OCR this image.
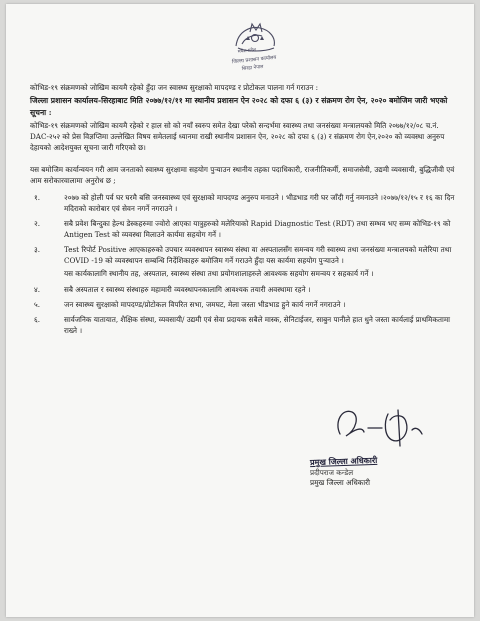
मधेश प्रदेश
जिल्ला प्रशासन कार्यालय
सिरहा नेपाल

कोभिड-१९ संक्रमणको जोखिम कायमै रहेको हुँदा जन स्वास्थ्य सुरक्षाको मापदण्ड र प्रोटोकल पालना गर्न गराउन :

जिल्ला प्रशासन कार्यालय-सिरहाबाट मिति २०७७/१२/११ मा स्थानीय प्रशासन ऐन २०२८ को दफा ६ (३) र संक्रमण रोग ऐन, २०२० बमोजिम जारी भएको सूचना :

कोभिड-१९ संक्रमणको जोखिम कायमै रहेको र हाल सो को नयाँ स्वरुप समेत देखा परेको सन्दर्भमा स्वास्थ्य तथा जनसंख्या मन्त्रालयको मिति २०७७/१२/०८ च.नं. DAC-२५२ को प्रेस विज्ञप्तिमा उल्लेखित विषय समेतलाई ध्यानमा राखी स्थानीय प्रशासन ऐन, २०२८ को दफा ६ (३) र संक्रमण रोग ऐन,२०२० को व्यवस्था अनुरुप देहायको आदेशयुक्त सूचना जारी गरिएको छ।

यस बमोजिम कार्यान्वयन गरी आम जनताको स्वास्थ्य सुरक्षामा सहयोग पुऱ्याउन स्थानीय तहका पदाधिकारी, राजनीतिकर्मी, समाजसेवी, उद्यमी व्यवसायी, बुद्धिजीवी एवं आम सरोकारवालामा अनुरोध छ ;

१.	२०७७ को होली पर्व घर घरमै बसि जनस्वास्थ्य एवं सुरक्षाको मापदण्ड अनुरुप मनाउने । भीडभाड गरी घर जाँदी गर्नु नमनाउने ।२०७७/१२/१५ र १६ का दिन मदिराको कारोबार एवं सेवन नगर्ने नगराउने ।
२.	सबै प्रवेश बिन्दुका हेल्थ डेस्कहरुमा ज्वोरो आएका यात्रुहरुको मलेरियाको Rapid Diagnostic Test (RDT) तथा सम्भव भए सम्म कोभिड-१९ को Antigen Test को व्यवस्था मिलाउने कार्यमा सहयोग गर्ने ।
३.	Test रिपोर्ट Positive आएकाहरुको उपचार व्यवस्थापन स्वास्थ्य संस्था वा अस्पतालसँग समन्वय गरी स्वास्थ्य तथा जनसंख्या मन्त्रालयको मलेरिया तथा COVID -19 को व्यवस्थापन सम्बन्धि निर्देशिकाहरु बमोजिम गर्ने गराउने हुँदा यस कार्यमा सहयोग पुऱ्याउने ।

यस कार्यकालागि स्थानीय तह, अस्पताल, स्वास्थ्य संस्था तथा प्रयोगशालाहरुले आवश्यक सहयोग समन्वय र सहकार्य गर्ने ।

४.	सबै अस्पताल र स्वास्थ्य संस्थाहरु महामारी व्यवस्थापनकालागि आवश्यक तयारी अवस्थामा रहने ।
५.	जन स्वास्थ्य सुरक्षाको मापदण्ड/प्रोटोकल विपरित सभा, जमघट, मेला जस्ता भीडभाड हुने कार्य नगर्ने नगराउने ।
६.	सार्वजनिक यातायात, शैक्षिक संस्था, व्यवसायी/ उद्यमी एवं सेवा प्रदायक सबैले मास्क, सेनिटाईजर, साबुन पानीले हात धुने जस्ता कार्यलाई प्राथमिकतामा राख्ने ।
प्रमुख जिल्ला अधिकारी
प्रदीपराज कन्डेल
प्रमुख जिल्ला अधिकारी
